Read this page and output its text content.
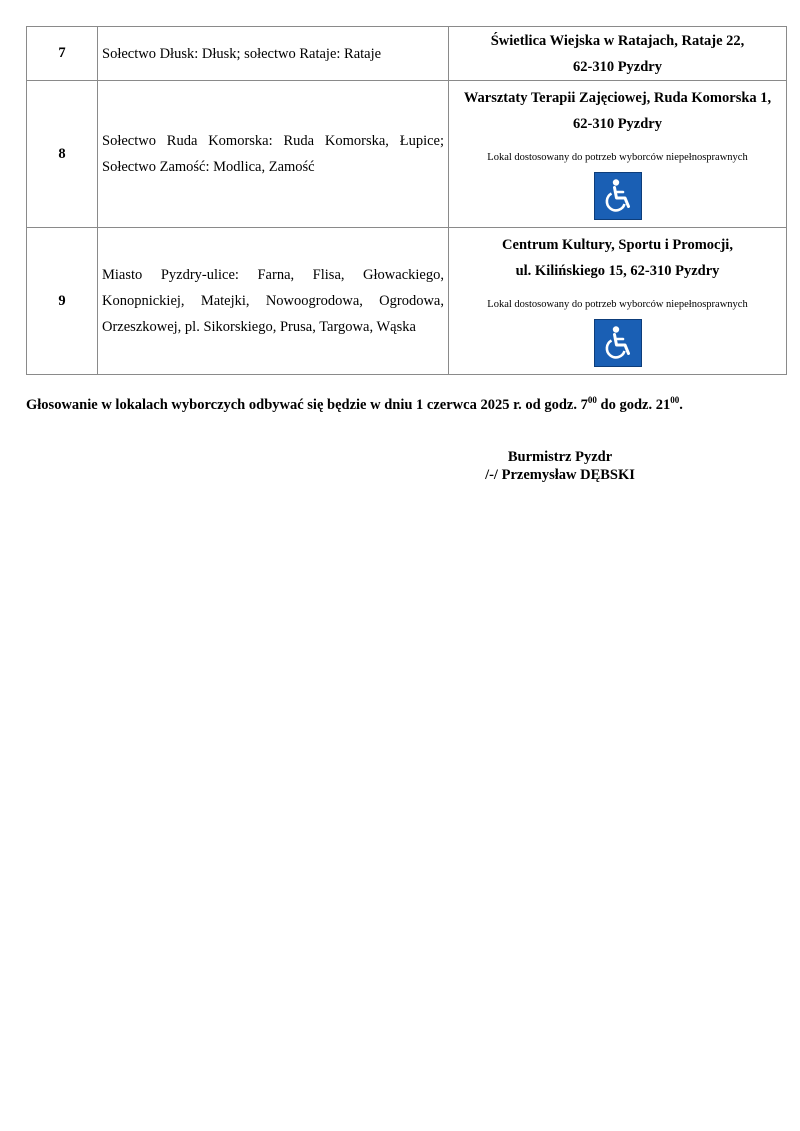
7	Sołectwo Dłusk: Dłusk; sołectwo Rataje: Rataje	Świetlica Wiejska w Ratajach, Rataje 22,
62-310 Pyzdry

8	Sołectwo Ruda Komorska: Ruda Komorska, Łupice; Sołectwo Zamość: Modlica, Zamość	Warsztaty Terapii Zajęciowej, Ruda Komorska 1,
62-310 Pyzdry
Lokal dostosowany do potrzeb wyborców niepełnosprawnych

9	Miasto Pyzdry-ulice: Farna, Flisa, Głowackiego, Konopnickiej, Matejki, Nowoogrodowa, Ogrodowa, Orzeszkowej, pl. Sikorskiego, Prusa, Targowa, Wąska	Centrum Kultury, Sportu i Promocji,
ul. Kilińskiego 15, 62-310 Pyzdry
Lokal dostosowany do potrzeb wyborców niepełnosprawnych

Głosowanie w lokalach wyborczych odbywać się będzie w dniu 1 czerwca 2025 r. od godz. $7^{00}$ do godz. $21^{00}$.

Burmistrz Pyzdr
/-/ Przemysław DĘBSKI
